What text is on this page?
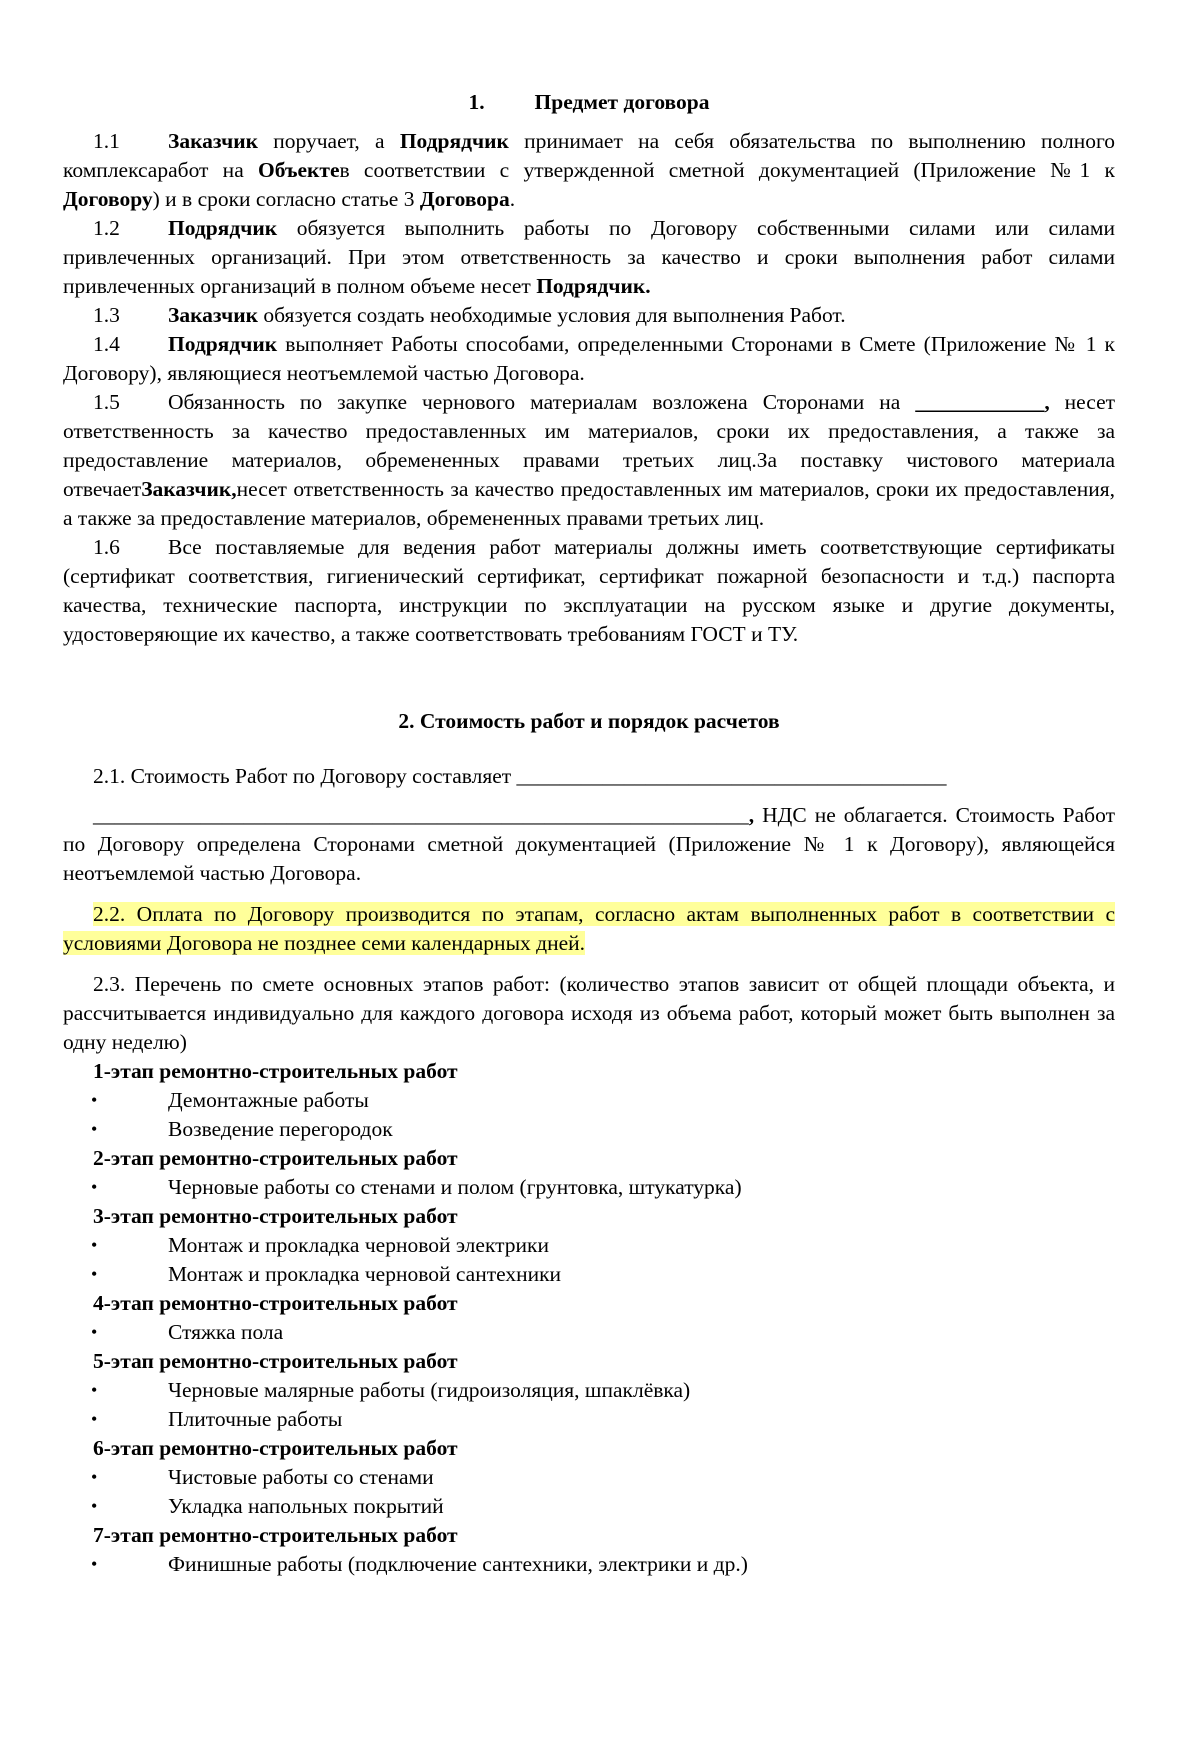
1. Предмет договора
1.1 Заказчик поручает, а Подрядчик принимает на себя обязательства по выполнению полного комплексаработ на Объектев соответствии с утвержденной сметной документацией (Приложение №1 к Договору) и в сроки согласно статье 3 Договора.
1.2 Подрядчик обязуется выполнить работы по Договору собственными силами или силами привлеченных организаций. При этом ответственность за качество и сроки выполнения работ силами привлеченных организаций в полном объеме несет Подрядчик.
1.3 Заказчик обязуется создать необходимые условия для выполнения Работ.
1.4 Подрядчик выполняет Работы способами, определенными Сторонами в Смете (Приложение № 1 к Договору), являющиеся неотъемлемой частью Договора.
1.5 Обязанность по закупке чернового материалам возложена Сторонами на ____________, несет ответственность за качество предоставленных им материалов, сроки их предоставления, а также за предоставление материалов, обремененных правами третьих лиц.За поставку чистового материала отвечаетЗаказчик,несет ответственность за качество предоставленных им материалов, сроки их предоставления, а также за предоставление материалов, обремененных правами третьих лиц.
1.6 Все поставляемые для ведения работ материалы должны иметь соответствующие сертификаты (сертификат соответствия, гигиенический сертификат, сертификат пожарной безопасности и т.д.) паспорта качества, технические паспорта, инструкции по эксплуатации на русском языке и другие документы, удостоверяющие их качество, а также соответствовать требованиям ГОСТ и ТУ.
2. Стоимость работ и порядок расчетов
2.1. Стоимость Работ по Договору составляет ________________________________________
_____________________________________________________________, НДС не облагается. Стоимость Работ по Договору определена Сторонами сметной документацией (Приложение № 1 к Договору), являющейся неотъемлемой частью Договора.
2.2. Оплата по Договору производится по этапам, согласно актам выполненных работ в соответствии с условиями Договора не позднее семи календарных дней.
2.3. Перечень по смете основных этапов работ: (количество этапов зависит от общей площади объекта, и рассчитывается индивидуально для каждого договора исходя из объема работ, который может быть выполнен за одну неделю)
1-этап ремонтно-строительных работ
•	Демонтажные работы
•	Возведение перегородок
2-этап ремонтно-строительных работ
•	Черновые работы со стенами и полом (грунтовка, штукатурка)
3-этап ремонтно-строительных работ
•	Монтаж и прокладка черновой электрики
•	Монтаж и прокладка черновой сантехники
4-этап ремонтно-строительных работ
•	Стяжка пола
5-этап ремонтно-строительных работ
•	Черновые малярные работы (гидроизоляция, шпаклёвка)
•	Плиточные работы
6-этап ремонтно-строительных работ
•	Чистовые работы со стенами
•	Укладка напольных покрытий
7-этап ремонтно-строительных работ
•	Финишные работы (подключение сантехники, электрики и др.)
